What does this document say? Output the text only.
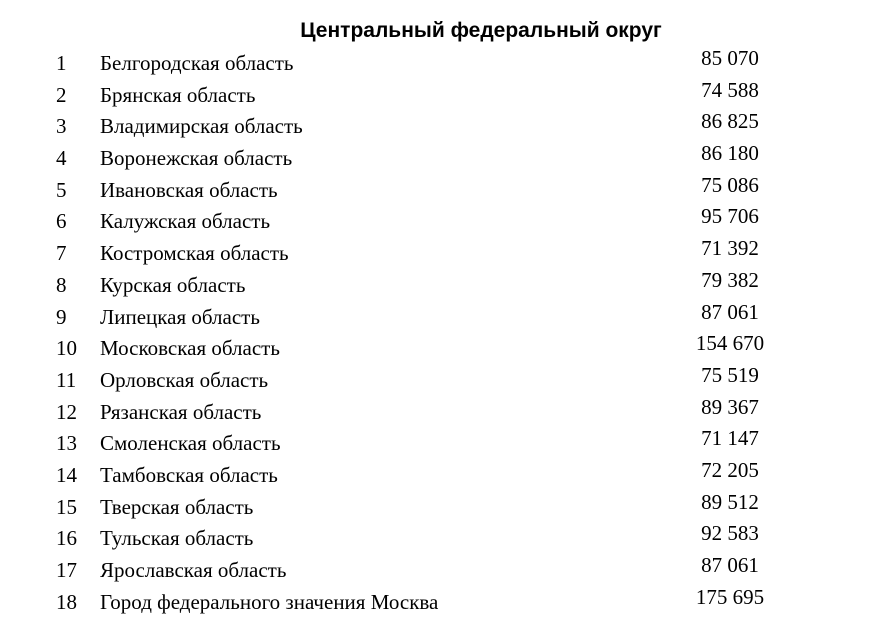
Центральный федеральный округ
1	Белгородская область	85 070
2	Брянская область	74 588
3	Владимирская область	86 825
4	Воронежская область	86 180
5	Ивановская область	75 086
6	Калужская область	95 706
7	Костромская область	71 392
8	Курская область	79 382
9	Липецкая область	87 061
10	Московская область	154 670
11	Орловская область	75 519
12	Рязанская область	89 367
13	Смоленская область	71 147
14	Тамбовская область	72 205
15	Тверская область	89 512
16	Тульская область	92 583
17	Ярославская область	87 061
18	Город федерального значения Москва	175 695
